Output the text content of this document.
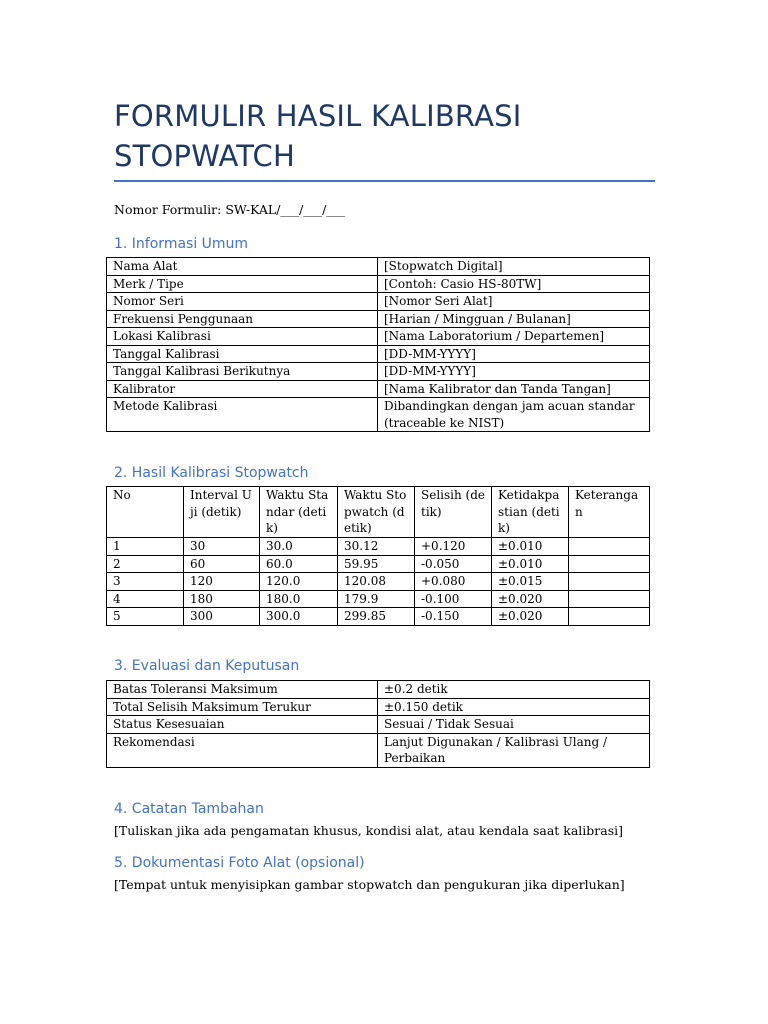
FORMULIR HASIL KALIBRASI
STOPWATCH
Nomor Formulir: SW-KAL/___/___/___
1. Informasi Umum
Nama Alat	[Stopwatch Digital]
Merk / Tipe	[Contoh: Casio HS-80TW]
Nomor Seri	[Nomor Seri Alat]
Frekuensi Penggunaan	[Harian / Mingguan / Bulanan]
Lokasi Kalibrasi	[Nama Laboratorium / Departemen]
Tanggal Kalibrasi	[DD-MM-YYYY]
Tanggal Kalibrasi Berikutnya	[DD-MM-YYYY]
Kalibrator	[Nama Kalibrator dan Tanda Tangan]
Metode Kalibrasi	Dibandingkan dengan jam acuan standar (traceable ke NIST)
2. Hasil Kalibrasi Stopwatch
No	Interval Uji (detik)	Waktu Standar (detik)	Waktu Stopwatch (detik)	Selisih (detik)	Ketidakpastian (detik)	Keterangan
1	30	30.0	30.12	+0.120	±0.010	
2	60	60.0	59.95	-0.050	±0.010	
3	120	120.0	120.08	+0.080	±0.015	
4	180	180.0	179.9	-0.100	±0.020	
5	300	300.0	299.85	-0.150	±0.020	
3. Evaluasi dan Keputusan
Batas Toleransi Maksimum	±0.2 detik
Total Selisih Maksimum Terukur	±0.150 detik
Status Kesesuaian	Sesuai / Tidak Sesuai
Rekomendasi	Lanjut Digunakan / Kalibrasi Ulang / Perbaikan
4. Catatan Tambahan
[Tuliskan jika ada pengamatan khusus, kondisi alat, atau kendala saat kalibrasi]
5. Dokumentasi Foto Alat (opsional)
[Tempat untuk menyisipkan gambar stopwatch dan pengukuran jika diperlukan]
